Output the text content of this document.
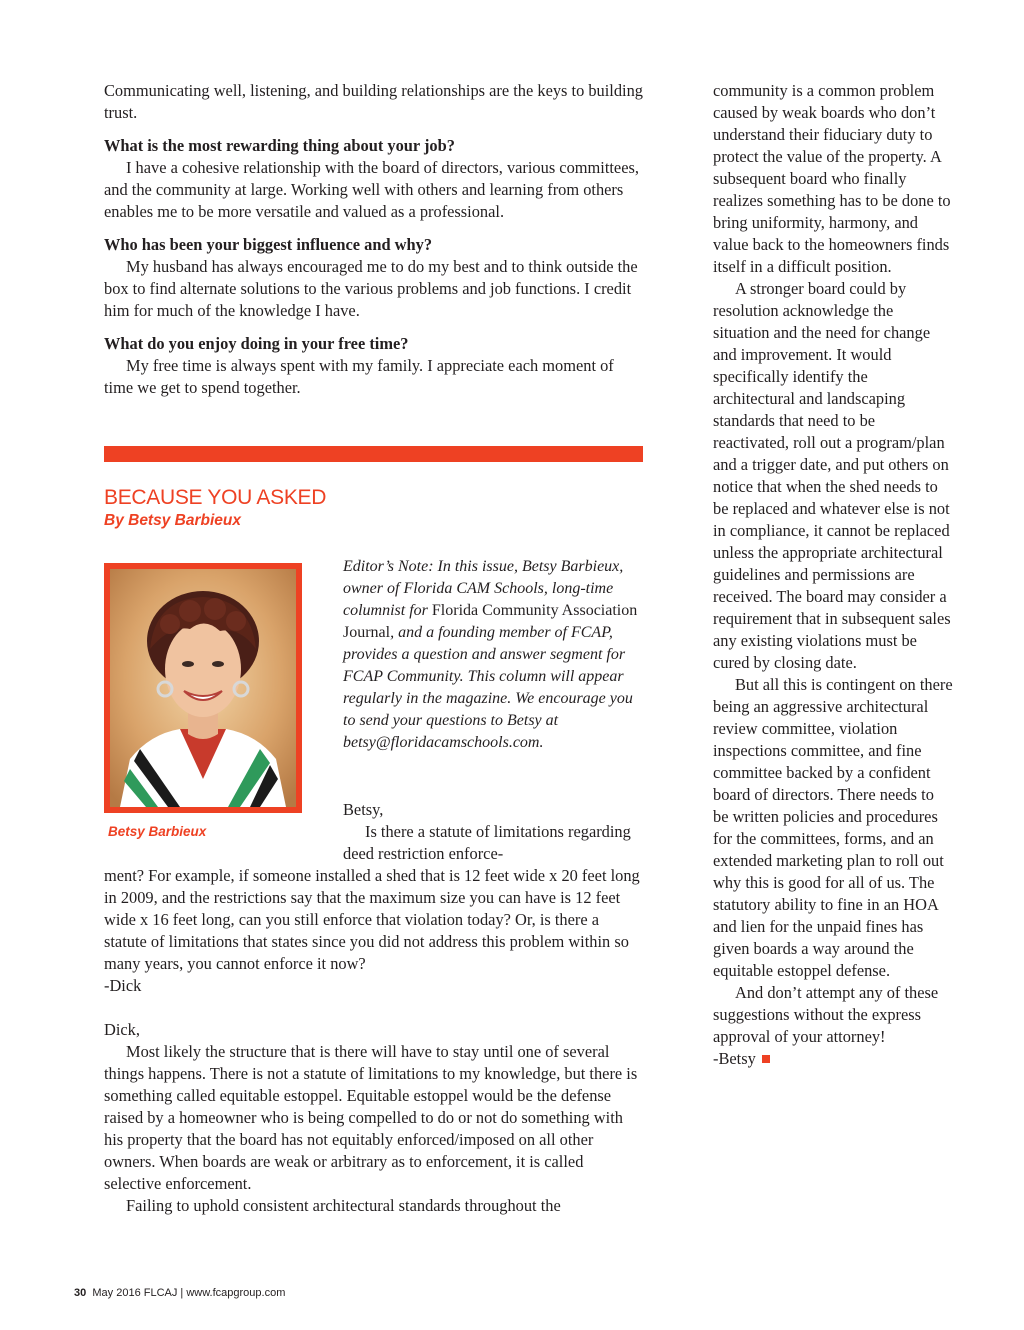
Communicating well, listening, and building relationships are the keys to building trust.

What is the most rewarding thing about your job?

I have a cohesive relationship with the board of directors, various committees, and the community at large. Working well with others and learning from others enables me to be more versatile and valued as a professional.

Who has been your biggest influence and why?

My husband has always encouraged me to do my best and to think outside the box to find alternate solutions to the various problems and job functions. I credit him for much of the knowledge I have.

What do you enjoy doing in your free time?

My free time is always spent with my family. I appreciate each moment of time we get to spend together.

BECAUSE YOU ASKED
By Betsy Barbieux
Betsy Barbieux
Editor’s Note: In this issue, Betsy Barbieux, owner of Florida CAM Schools, long-time columnist for Florida Community Association Journal, and a founding member of FCAP, provides a question and answer segment for FCAP Community. This column will appear regularly in the magazine. We encourage you to send your questions to Betsy at betsy@floridacamschools.com.

Betsy,

Is there a statute of limitations regarding deed restriction enforce-

ment? For example, if someone installed a shed that is 12 feet wide x 20 feet long in 2009, and the restrictions say that the maximum size you can have is 12 feet wide x 16 feet long, can you still enforce that violation today? Or, is there a statute of limitations that states since you did not address this problem within so many years, you cannot enforce it now?

-Dick

Dick,

Most likely the structure that is there will have to stay until one of several things happens. There is not a statute of limitations to my knowledge, but there is something called equitable estoppel. Equitable estoppel would be the defense raised by a homeowner who is being compelled to do or not do something with his property that the board has not equitably enforced/imposed on all other owners. When boards are weak or arbitrary as to enforcement, it is called selective enforcement.

Failing to uphold consistent architectural standards throughout the

community is a common problem caused by weak boards who don’t understand their fiduciary duty to protect the value of the property. A subsequent board who finally realizes something has to be done to bring uniformity, harmony, and value back to the homeowners finds itself in a difficult position.

A stronger board could by resolution acknowledge the situation and the need for change and improvement. It would specifically identify the architectural and landscaping standards that need to be reactivated, roll out a program/plan and a trigger date, and put others on notice that when the shed needs to be replaced and whatever else is not in compliance, it cannot be replaced unless the appropriate architectural guidelines and permissions are received. The board may consider a requirement that in subsequent sales any existing violations must be cured by closing date.

But all this is contingent on there being an aggressive architectural review committee, violation inspections committee, and fine committee backed by a confident board of directors. There needs to be written policies and procedures for the committees, forms, and an extended marketing plan to roll out why this is good for all of us. The statutory ability to fine in an HOA and lien for the unpaid fines has given boards a way around the equitable estoppel defense.

And don’t attempt any of these suggestions without the express approval of your attorney!

-Betsy

30 May 2016 FLCAJ | www.fcapgroup.com
